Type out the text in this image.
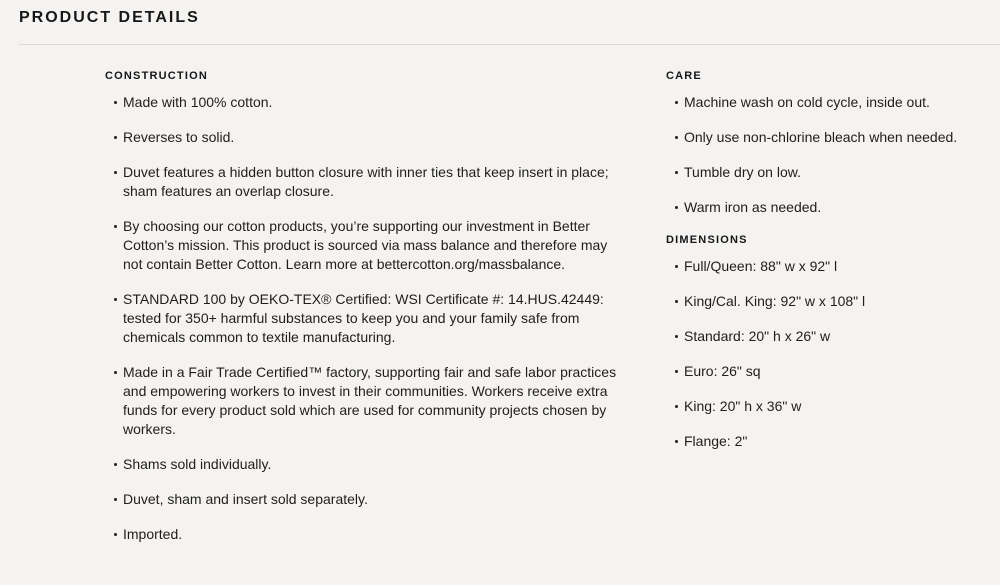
PRODUCT DETAILS
CONSTRUCTION
Made with 100% cotton.
Reverses to solid.
Duvet features a hidden button closure with inner ties that keep insert in place; sham features an overlap closure.
By choosing our cotton products, you’re supporting our investment in Better Cotton’s mission. This product is sourced via mass balance and therefore may not contain Better Cotton. Learn more at bettercotton.org/massbalance.
STANDARD 100 by OEKO-TEX® Certified: WSI Certificate #: 14.HUS.42449: tested for 350+ harmful substances to keep you and your family safe from chemicals common to textile manufacturing.
Made in a Fair Trade Certified™ factory, supporting fair and safe labor practices and empowering workers to invest in their communities. Workers receive extra funds for every product sold which are used for community projects chosen by workers.
Shams sold individually.
Duvet, sham and insert sold separately.
Imported.
CARE
Machine wash on cold cycle, inside out.
Only use non-chlorine bleach when needed.
Tumble dry on low.
Warm iron as needed.
DIMENSIONS
Full/Queen: 88" w x 92" l
King/Cal. King: 92" w x 108" l
Standard: 20" h x 26" w
Euro: 26" sq
King: 20" h x 36" w
Flange: 2"
